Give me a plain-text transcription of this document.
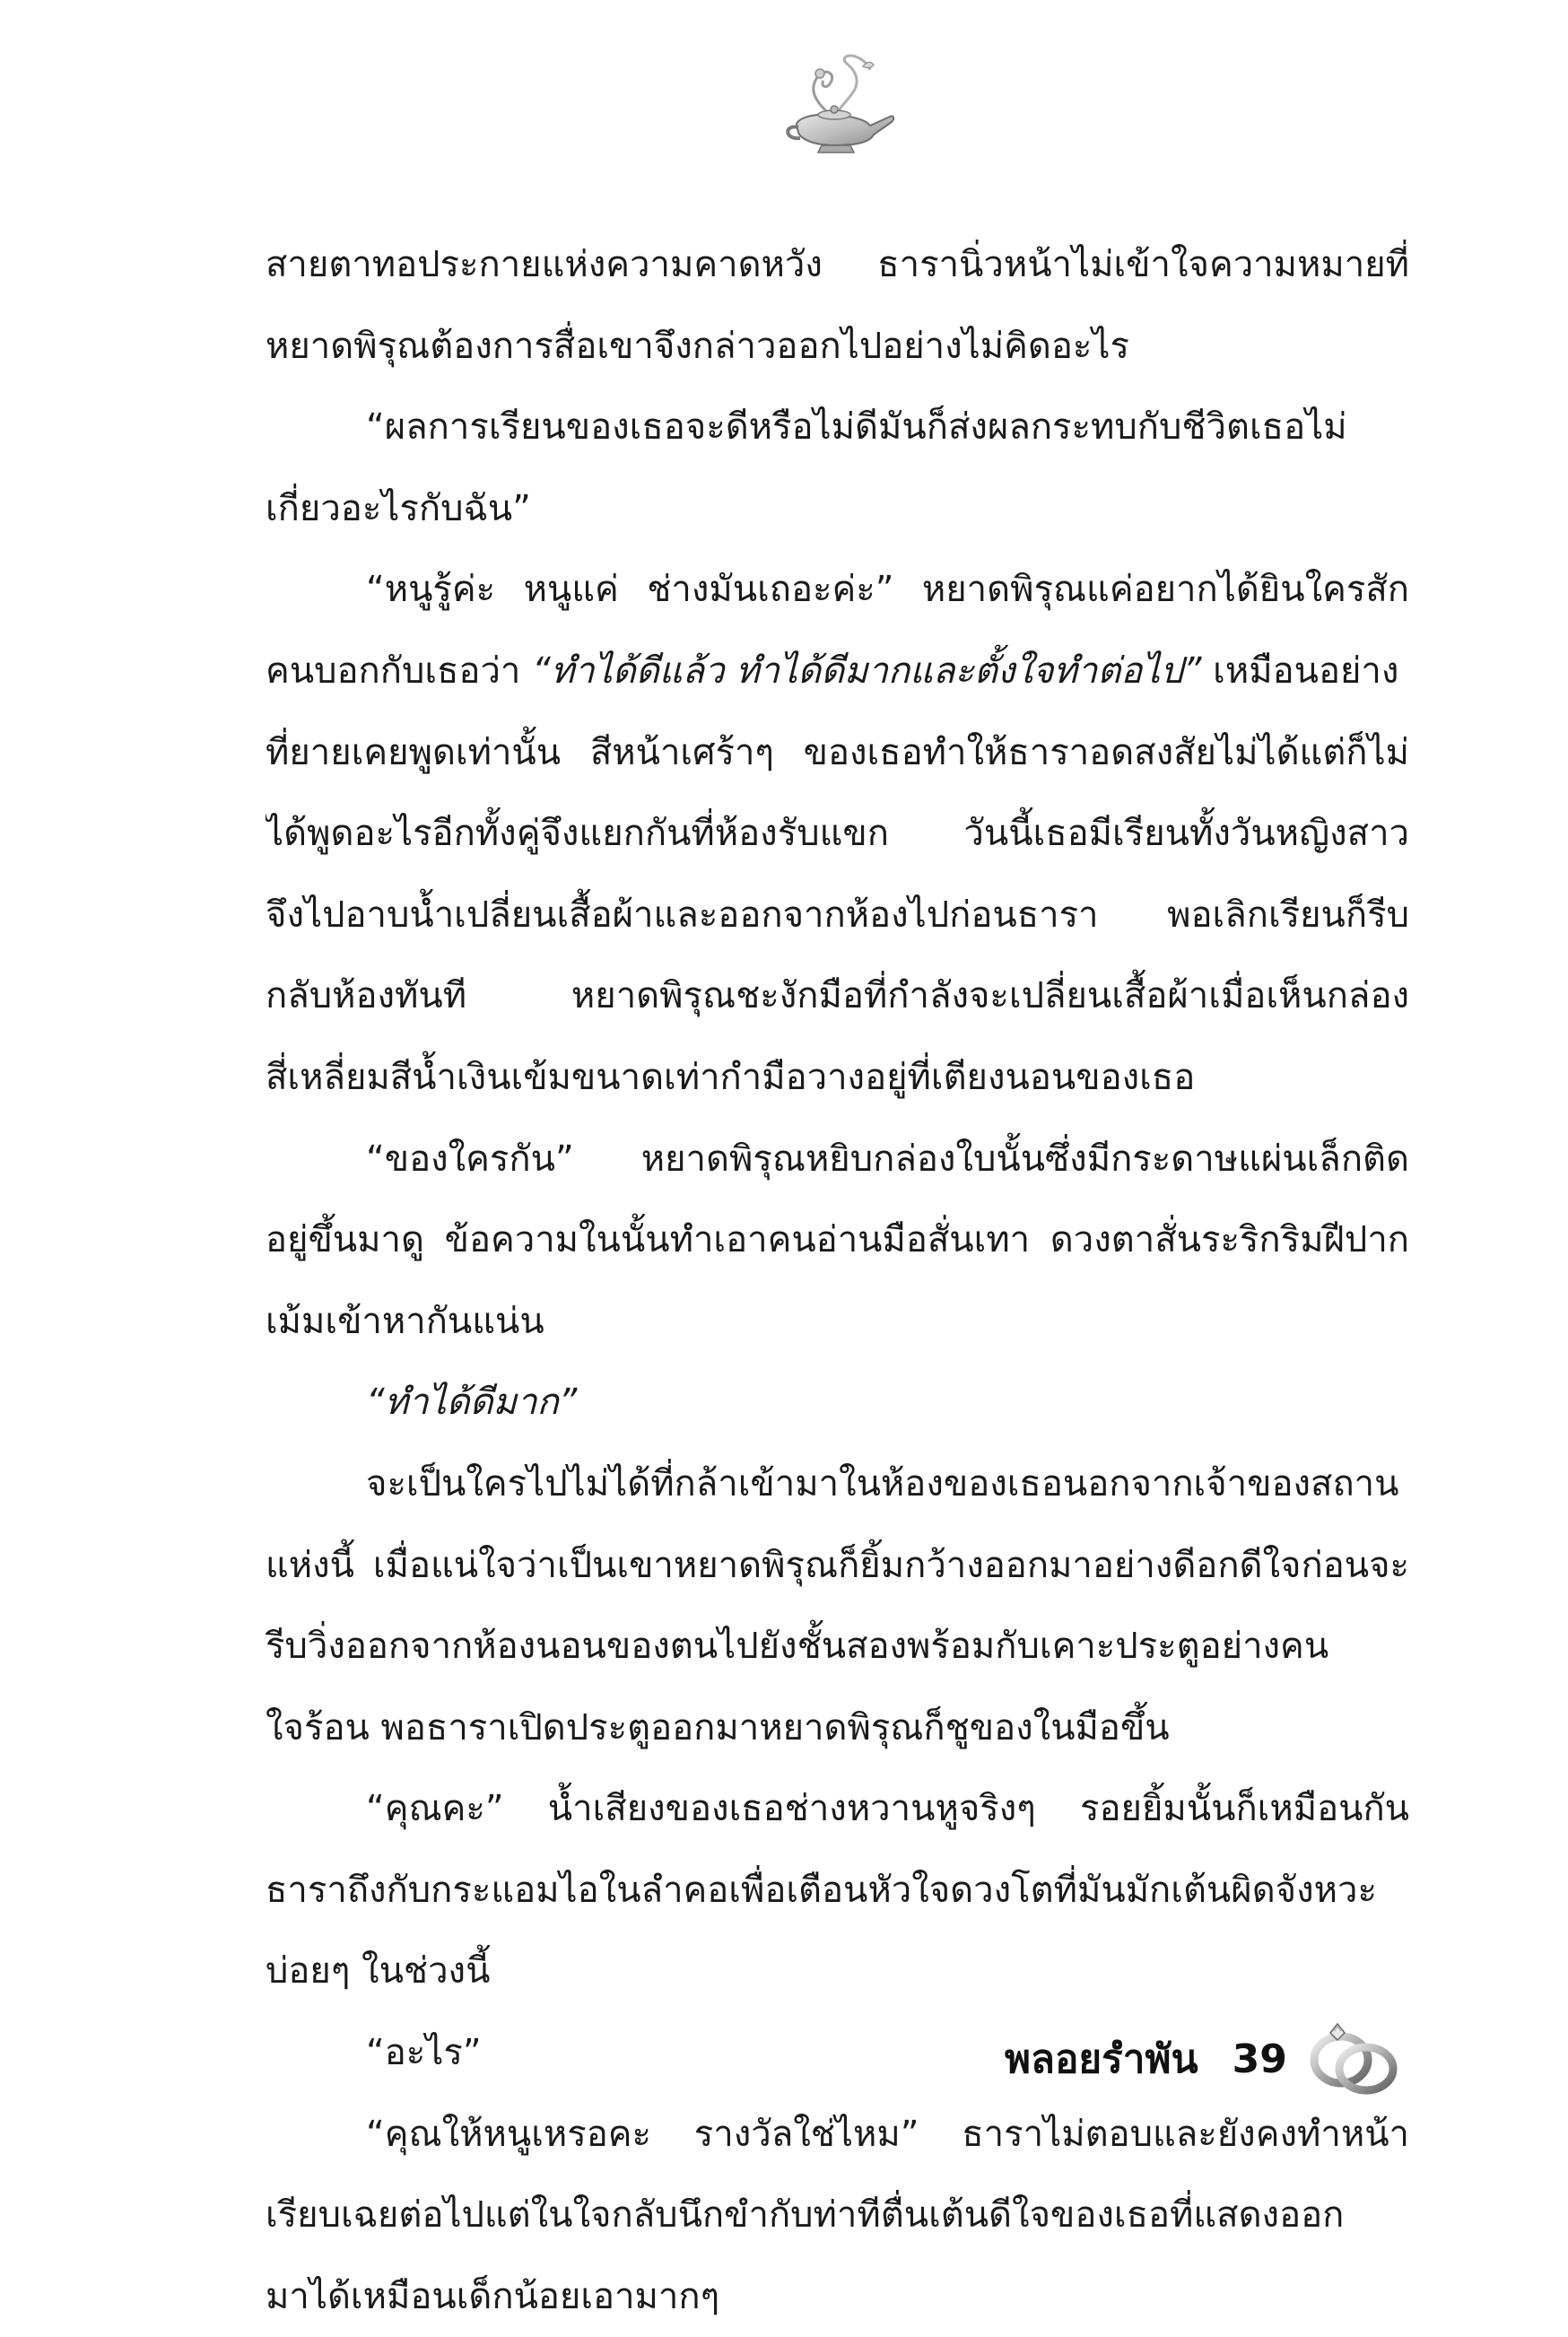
สายตาทอประกายแห่งความคาดหวัง ธารานิ่วหน้าไม่เข้าใจความหมายที่
หยาดพิรุณต้องการสื่อเขาจึงกล่าวออกไปอย่างไม่คิดอะไร
“ผลการเรียนของเธอจะดีหรือไม่ดีมันก็ส่งผลกระทบกับชีวิตเธอไม่
เกี่ยวอะไรกับฉัน”
“หนูรู้ค่ะ หนูแค่ ช่างมันเถอะค่ะ” หยาดพิรุณแค่อยากได้ยินใครสัก
คนบอกกับเธอว่า “ทำได้ดีแล้ว ทำได้ดีมากและตั้งใจทำต่อไป” เหมือนอย่าง
ที่ยายเคยพูดเท่านั้น สีหน้าเศร้าๆ ของเธอทำให้ธาราอดสงสัยไม่ได้แต่ก็ไม่
ได้พูดอะไรอีกทั้งคู่จึงแยกกันที่ห้องรับแขก วันนี้เธอมีเรียนทั้งวันหญิงสาว
จึงไปอาบน้ำเปลี่ยนเสื้อผ้าและออกจากห้องไปก่อนธารา พอเลิกเรียนก็รีบ
กลับห้องทันที หยาดพิรุณชะงักมือที่กำลังจะเปลี่ยนเสื้อผ้าเมื่อเห็นกล่อง
สี่เหลี่ยมสีน้ำเงินเข้มขนาดเท่ากำมือวางอยู่ที่เตียงนอนของเธอ
“ของใครกัน” หยาดพิรุณหยิบกล่องใบนั้นซึ่งมีกระดาษแผ่นเล็กติด
อยู่ขึ้นมาดู ข้อความในนั้นทำเอาคนอ่านมือสั่นเทา ดวงตาสั่นระริกริมฝีปาก
เม้มเข้าหากันแน่น
“ทำได้ดีมาก”
จะเป็นใครไปไม่ได้ที่กล้าเข้ามาในห้องของเธอนอกจากเจ้าของสถาน
แห่งนี้ เมื่อแน่ใจว่าเป็นเขาหยาดพิรุณก็ยิ้มกว้างออกมาอย่างดีอกดีใจก่อนจะ
รีบวิ่งออกจากห้องนอนของตนไปยังชั้นสองพร้อมกับเคาะประตูอย่างคน
ใจร้อน พอธาราเปิดประตูออกมาหยาดพิรุณก็ชูของในมือขึ้น
“คุณคะ” น้ำเสียงของเธอช่างหวานหูจริงๆ รอยยิ้มนั้นก็เหมือนกัน
ธาราถึงกับกระแอมไอในลำคอเพื่อเตือนหัวใจดวงโตที่มันมักเต้นผิดจังหวะ
บ่อยๆ ในช่วงนี้
“อะไร”
“คุณให้หนูเหรอคะ รางวัลใช่ไหม” ธาราไม่ตอบและยังคงทำหน้า
เรียบเฉยต่อไปแต่ในใจกลับนึกขำกับท่าทีตื่นเต้นดีใจของเธอที่แสดงออก
มาได้เหมือนเด็กน้อยเอามากๆ
พลอยรำพัน 39
